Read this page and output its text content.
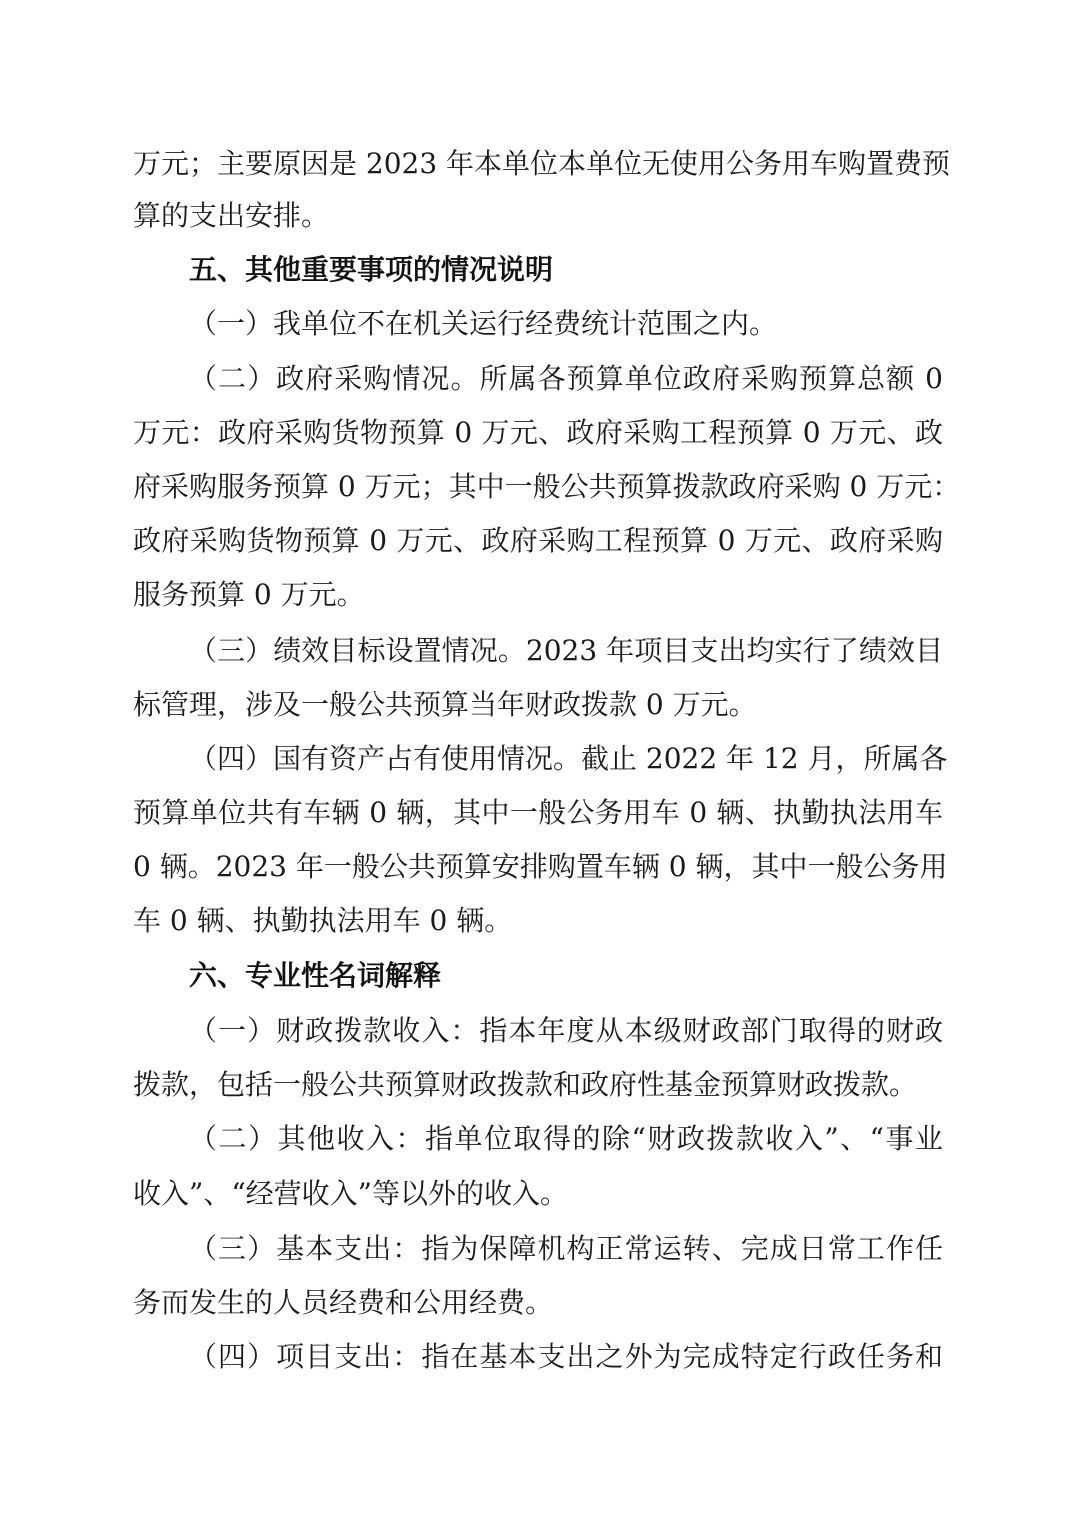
万元；主要原因是 2023 年本单位本单位无使用公务用车购置费预
算的支出安排。
五、其他重要事项的情况说明
（一）我单位不在机关运行经费统计范围之内。
（二）政府采购情况。所属各预算单位政府采购预算总额 0
万元：政府采购货物预算 0 万元、政府采购工程预算 0 万元、政
府采购服务预算 0 万元；其中一般公共预算拨款政府采购 0 万元：
政府采购货物预算 0 万元、政府采购工程预算 0 万元、政府采购
服务预算 0 万元。
（三）绩效目标设置情况。2023 年项目支出均实行了绩效目
标管理，涉及一般公共预算当年财政拨款 0 万元。
（四）国有资产占有使用情况。截止 2022 年 12 月，所属各
预算单位共有车辆 0 辆，其中一般公务用车 0 辆、执勤执法用车
0 辆。2023 年一般公共预算安排购置车辆 0 辆，其中一般公务用
车 0 辆、执勤执法用车 0 辆。
六、专业性名词解释
（一）财政拨款收入：指本年度从本级财政部门取得的财政
拨款，包括一般公共预算财政拨款和政府性基金预算财政拨款。
（二）其他收入：指单位取得的除“财政拨款收入”、“事业
收入”、“经营收入”等以外的收入。
（三）基本支出：指为保障机构正常运转、完成日常工作任
务而发生的人员经费和公用经费。
（四）项目支出：指在基本支出之外为完成特定行政任务和
